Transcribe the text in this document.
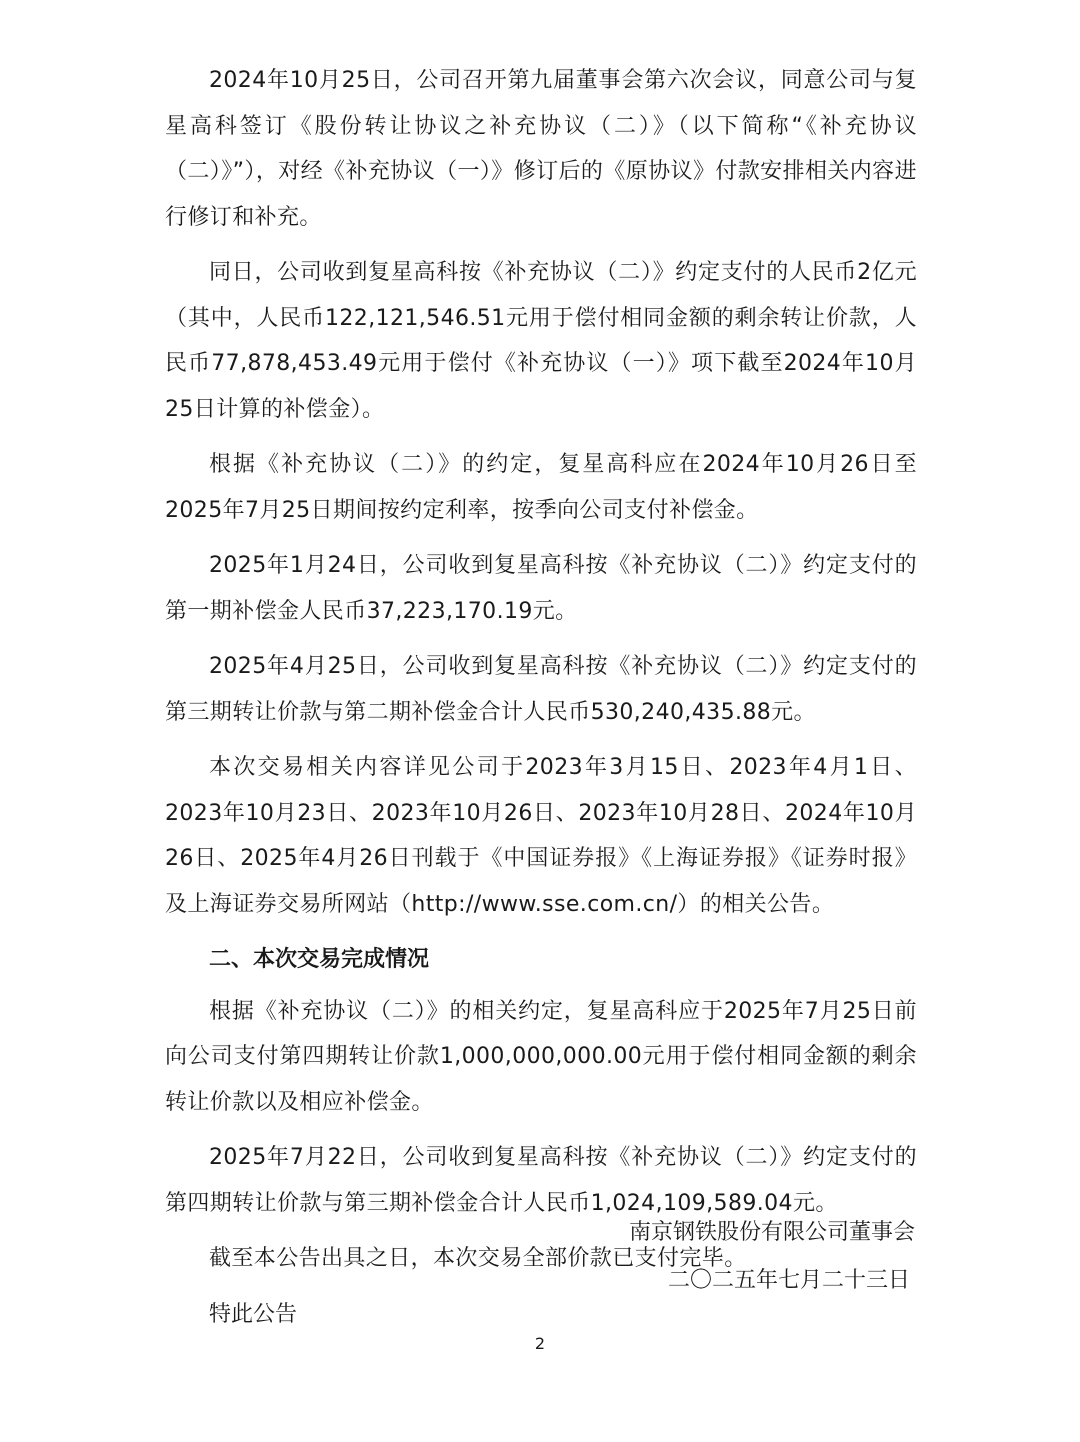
2024年10月25日，公司召开第九届董事会第六次会议，同意公司与复星高科签订《股份转让协议之补充协议（二）》（以下简称“《补充协议（二）》”），对经《补充协议（一）》修订后的《原协议》付款安排相关内容进行修订和补充。

同日，公司收到复星高科按《补充协议（二）》约定支付的人民币2亿元（其中，人民币122,121,546.51元用于偿付相同金额的剩余转让价款，人民币77,878,453.49元用于偿付《补充协议（一）》项下截至2024年10月25日计算的补偿金）。

根据《补充协议（二）》的约定，复星高科应在2024年10月26日至2025年7月25日期间按约定利率，按季向公司支付补偿金。

2025年1月24日，公司收到复星高科按《补充协议（二）》约定支付的第一期补偿金人民币37,223,170.19元。

2025年4月25日，公司收到复星高科按《补充协议（二）》约定支付的第三期转让价款与第二期补偿金合计人民币530,240,435.88元。

本次交易相关内容详见公司于2023年3月15日、2023年4月1日、2023年10月23日、2023年10月26日、2023年10月28日、2024年10月26日、2025年4月26日刊载于《中国证券报》《上海证券报》《证券时报》及上海证券交易所网站（http://www.sse.com.cn/）的相关公告。

二、本次交易完成情况

根据《补充协议（二）》的相关约定，复星高科应于2025年7月25日前向公司支付第四期转让价款1,000,000,000.00元用于偿付相同金额的剩余转让价款以及相应补偿金。

2025年7月22日，公司收到复星高科按《补充协议（二）》约定支付的第四期转让价款与第三期补偿金合计人民币1,024,109,589.04元。

截至本公告出具之日，本次交易全部价款已支付完毕。

特此公告

南京钢铁股份有限公司董事会
二〇二五年七月二十三日
2
